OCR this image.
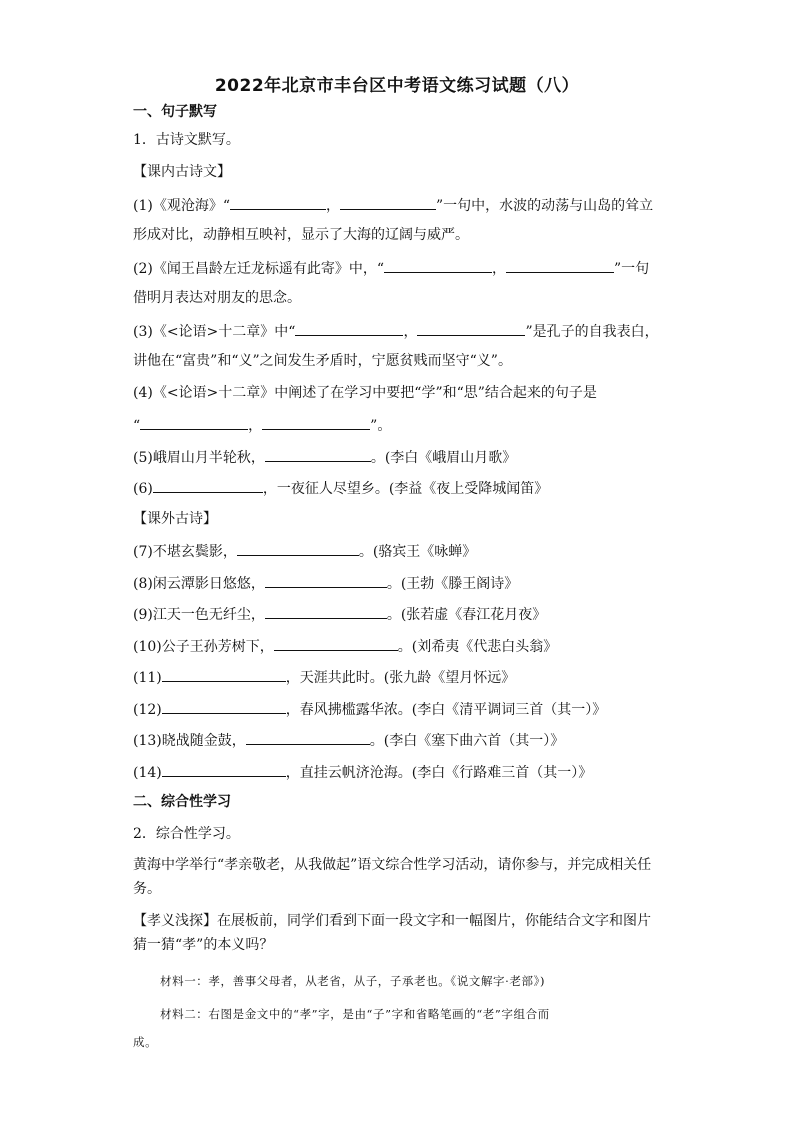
2022年北京市丰台区中考语文练习试题（八）
一、句子默写
1．古诗文默写。
【课内古诗文】
(1)《观沧海》“	，	”一句中，水波的动荡与山岛的耸立
形成对比，动静相互映衬，显示了大海的辽阔与威严。
(2)《闻王昌龄左迁龙标遥有此寄》中，“	，	”一句
借明月表达对朋友的思念。
(3)《<论语>十二章》中“	，	”是孔子的自我表白，
讲他在“富贵”和“义”之间发生矛盾时，宁愿贫贱而坚守“义”。
(4)《<论语>十二章》中阐述了在学习中要把“学”和“思”结合起来的句子是
“	，	”。
(5)峨眉山月半轮秋，	。(李白《峨眉山月歌》
(6)	，一夜征人尽望乡。(李益《夜上受降城闻笛》
【课外古诗】
(7)不堪玄鬓影，	。(骆宾王《咏蝉》
(8)闲云潭影日悠悠，	。(王勃《滕王阁诗》
(9)江天一色无纤尘，	。(张若虚《春江花月夜》
(10)公子王孙芳树下，	。(刘希夷《代悲白头翁》
(11)	，天涯共此时。(张九龄《望月怀远》
(12)	，春风拂槛露华浓。(李白《清平调词三首（其一）》
(13)晓战随金鼓，	。(李白《塞下曲六首（其一）》
(14)	，直挂云帆济沧海。(李白《行路难三首（其一）》
二、综合性学习
2．综合性学习。
黄海中学举行“孝亲敬老，从我做起”语文综合性学习活动，请你参与，并完成相关任
务。
【孝义浅探】在展板前，同学们看到下面一段文字和一幅图片，你能结合文字和图片
猜一猜“孝”的本义吗？
材料一：孝，善事父母者，从老省，从子，子承老也。《说文解字·老部》)
材料二：右图是金文中的“孝”字，是由“子”字和省略笔画的“老”字组合而
成。
